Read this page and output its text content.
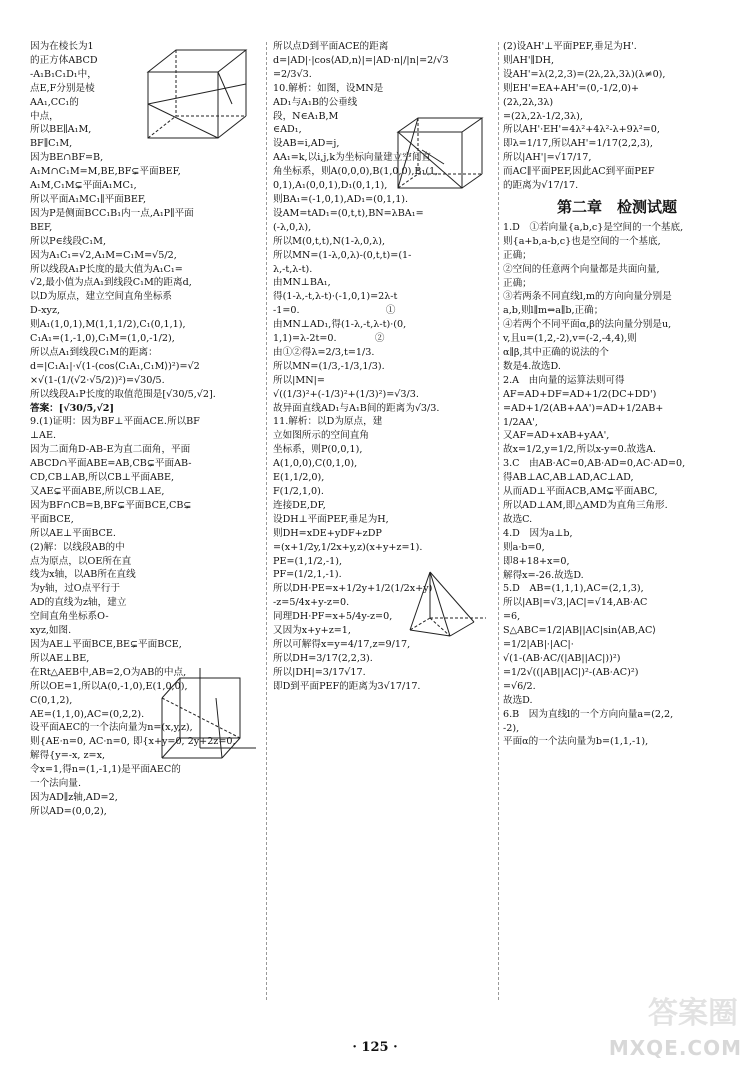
因为在棱长为1

的正方体ABCD

-A₁B₁C₁D₁中，

点E,F分别是棱

AA₁,CC₁的

中点，

所以BE∥A₁M,

BF∥C₁M,

因为BE∩BF=B,

A₁M∩C₁M=M,BE,BF⊊平面BEF,

A₁M,C₁M⊊平面A₁MC₁,

所以平面A₁MC₁∥平面BEF,

因为P是侧面BCC₁B₁内一点,A₁P∥平面

BEF,

所以P∈线段C₁M,

因为A₁C₁=√2,A₁M=C₁M=√5/2,

所以线段A₁P长度的最大值为A₁C₁=

√2,最小值为点A₁到线段C₁M的距离d,

以D为原点，建立空间直角坐标系

D-xyz,

则A₁(1,0,1),M(1,1,1/2),C₁(0,1,1),

C₁A₁=(1,-1,0),C₁M=(1,0,-1/2),

所以点A₁到线段C₁M的距离：

d=|C₁A₁|·√(1-(cos⟨C₁A₁,C₁M⟩)²)=√2

×√(1-(1/(√2·√5/2))²)=√30/5.

所以线段A₁P长度的取值范围是[√30/5,√2].

答案：[√30/5,√2]

9.(1)证明：因为BF⊥平面ACE.所以BF

⊥AE.

因为二面角D-AB-E为直二面角，平面

ABCD∩平面ABE=AB,CB⊊平面AB-

CD,CB⊥AB,所以CB⊥平面ABE,

又AE⊊平面ABE,所以CB⊥AE,

因为BF∩CB=B,BF⊊平面BCE,CB⊊

平面BCE,

所以AE⊥平面BCE.

(2)解：以线段AB的中

点为原点，以OE所在直

线为x轴，以AB所在直线

为y轴，过O点平行于

AD的直线为z轴，建立

空间直角坐标系O-

xyz,如图.

因为AE⊥平面BCE,BE⊊平面BCE,

所以AE⊥BE,

在Rt△AEB中,AB=2,O为AB的中点,

所以OE=1,所以A(0,-1,0),E(1,0,0),

C(0,1,2),

AE=(1,1,0),AC=(0,2,2).

设平面AEC的一个法向量为n=(x,y,z),

则{AE·n=0, AC·n=0, 即{x+y=0, 2y+2z=0,

解得{y=-x, z=x,

令x=1,得n=(1,-1,1)是平面AEC的

一个法向量.

因为AD∥z轴,AD=2,

所以AD=(0,0,2),

所以点D到平面ACE的距离

d=|AD|·|cos⟨AD,n⟩|=|AD·n|/|n|=2/√3

=2/3√3.

10.解析：如图，设MN是

AD₁与A₁B的公垂线

段，N∈A₁B,M

∈AD₁,

设AB=i,AD=j,

AA₁=k,以i,j,k为坐标向量建立空间直

角坐标系，则A(0,0,0),B(1,0,0),B₁(1,

0,1),A₁(0,0,1),D₁(0,1,1),

则BA₁=(-1,0,1),AD₁=(0,1,1).

设AM=tAD₁=(0,t,t),BN=λBA₁=

(-λ,0,λ),

所以M(0,t,t),N(1-λ,0,λ),

所以MN=(1-λ,0,λ)-(0,t,t)=(1-

λ,-t,λ-t).

由MN⊥BA₁,

得(1-λ,-t,λ-t)·(-1,0,1)=2λ-t

-1=0.　　　　　　　　　①

由MN⊥AD₁,得(1-λ,-t,λ-t)·(0,

1,1)=λ-2t=0.　　　　②

由①②得λ=2/3,t=1/3.

所以MN=(1/3,-1/3,1/3).

所以|MN|=

√((1/3)²+(-1/3)²+(1/3)²)=√3/3.

故异面直线AD₁与A₁B间的距离为√3/3.

11.解析：以D为原点，建

立如图所示的空间直角

坐标系，则P(0,0,1),

A(1,0,0),C(0,1,0),

E(1,1/2,0),

F(1/2,1,0).

连接DE,DF,

设DH⊥平面PEF,垂足为H,

则DH=xDE+yDF+zDP

=(x+1/2y,1/2x+y,z)(x+y+z=1).

PE=(1,1/2,-1),

PF=(1/2,1,-1).

所以DH·PE=x+1/2y+1/2(1/2x+y)

-z=5/4x+y-z=0.

同理DH·PF=x+5/4y-z=0,

又因为x+y+z=1,

所以可解得x=y=4/17,z=9/17,

所以DH=3/17(2,2,3).

所以|DH|=3/17√17.

即D到平面PEF的距离为3√17/17.

(2)设AH'⊥平面PEF,垂足为H'.

则AH'∥DH,

设AH'=λ(2,2,3)=(2λ,2λ,3λ)(λ≠0),

则EH'=EA+AH'=(0,-1/2,0)+

(2λ,2λ,3λ)

=(2λ,2λ-1/2,3λ),

所以AH'·EH'=4λ²+4λ²-λ+9λ²=0,

即λ=1/17,所以AH'=1/17(2,2,3),

所以|AH'|=√17/17,

而AC∥平面PEF,因此AC到平面PEF

的距离为√17/17.

第二章　检测试题

1.D　①若向量{a,b,c}是空间的一个基底,

则{a+b,a-b,c}也是空间的一个基底,

正确；

②空间的任意两个向量都是共面向量,

正确；

③若两条不同直线l,m的方向向量分别是

a,b,则l∥m⇔a∥b,正确；

④若两个不同平面α,β的法向量分别是u,

v,且u=(1,2,-2),v=(-2,-4,4),则

α∥β,其中正确的说法的个

数是4.故选D.

2.A　由向量的运算法则可得

AF=AD+DF=AD+1/2(DC+DD')

=AD+1/2(AB+AA')=AD+1/2AB+

1/2AA',

又AF=AD+xAB+yAA',

故x=1/2,y=1/2,所以x-y=0.故选A.

3.C　由AB·AC=0,AB·AD=0,AC·AD=0,

得AB⊥AC,AB⊥AD,AC⊥AD,

从而AD⊥平面ACB,AM⊊平面ABC,

所以AD⊥AM,即△AMD为直角三角形.

故选C.

4.D　因为a⊥b,

则a·b=0,

即8+18+x=0,

解得x=-26.故选D.

5.D　AB=(1,1,1),AC=(2,1,3),

所以|AB|=√3,|AC|=√14,AB·AC

=6,

S△ABC=1/2|AB||AC|sin⟨AB,AC⟩

=1/2|AB|·|AC|·

√(1-(AB·AC/(|AB||AC|))²)

=1/2√((|AB||AC|)²-(AB·AC)²)

=√6/2.

故选D.

6.B　因为直线l的一个方向向量a=(2,2,

-2),

平面α的一个法向量为b=(1,1,-1),

· 125 ·
答案圈
MXQE.COM
